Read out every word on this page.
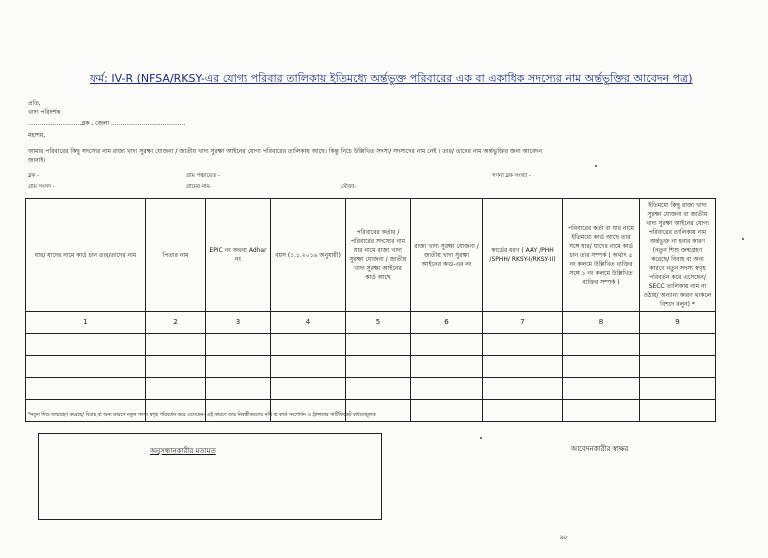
ফর্ম: IV-R (NFSA/RKSY-এর যোগ্য পরিবার তালিকায় ইতিমধ্যে অর্ন্তভুক্ত পরিবারের এক বা একাধিক সদস্যের নাম অর্ন্তভুক্তির আবেদন পত্র)
প্রতি,
খাদ্য পরিদর্শক
............................ব্লক , জেলা .......................................
মহাশয়,
আমার পরিবারের কিছু সদস্যের নাম রাজ্য খাদ্য সুরক্ষা যোজনা / জাতীয় খাদ্য সুরক্ষা আইনের যোগ্য পরিবারের তালিকায় আছে। কিন্তু নিচে উল্লিখিত সদস্য/ সদস্যদের নাম নেই । তার/ তাদের নাম অর্ন্তভুক্তির জন্য আবেদন
জানাই।
ব্লক -	গ্রাম পঞ্চায়েত -	গণনা ব্লক সংখ্যা -
গ্রাম সংসদ -	গ্রামের নাম-	মৌজা-
যার/ যাদের নামে কার্ড চান তার/তাদের নাম	পিতার নাম	EPIC নং অথবা Adhar নং	বয়স (১.১.২০১৬ অনুযায়ী)	পরিবারের কর্তার / পরিবারের সদস্যের নাম যার নামে রাজ্য খাদ্য সুরক্ষা যোজনা / জাতীয় খাদ্য সুরক্ষা আইনের কার্ড আছে	রাজ্য খাদ্য সুরক্ষা যোজনা / জাতীয় খাদ্য সুরক্ষা আইনের কার্ড-এর নং	কার্ডের ধরণ ( AAY /PHH /SPHH/ RKSY-I/RKSY-II)	পরিবারের কর্তা বা যার নামে ইতিমধ্যে কার্ড আছে তার সঙ্গে যার/ যাদের নামে কার্ড চান তার সম্পর্ক ( অর্থাৎ ৫ নং কলমে উল্লিখিত ব্যক্তির সঙ্গে ১ নং কলমে উল্লিখিত ব্যক্তির সম্পর্ক )	ইতিমধ্যে কিছু রাজ্য খাদ্য সুরক্ষা যোজনা বা জাতীয় খাদ্য সুরক্ষা আইনের যোগ্য পরিবারের তালিকায় নাম অর্ন্তভুক্ত না হবার কারণ (নতুন শিশু জন্মগ্রহণ করেছে/ বিবাহ বা অন্য কারণে নতুন সদস্য স্বগৃহ পরিবর্তন করে এসেছেন/ SECC তালিকায় নাম না ওঠায়/ অন্যান্য কারণ থাকলে বিশদে বলুন) *
1	2	3	4	5	6	7	8	9

*নতুন শিশু জন্মগ্রহণ করেছে/ বিবাহ বা অন্য কারণে নতুন সদস্য স্বগৃহ পরিবর্তন করে এসেছেন- এই কারণে জন্ম নিবন্ধীকরণের নথি বা কার্ড সংশোধন ও ট্রান্সফার সার্টিফিকেট বাধ্যতামূলক
অনুসন্ধানকারীর মতামত	আবেদনকারীর স্বাক্ষর
৯৮
